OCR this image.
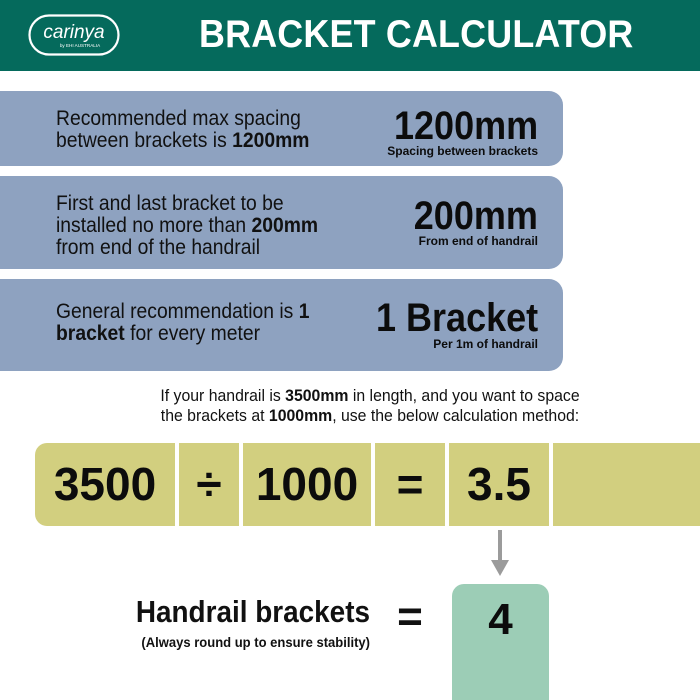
carinya
by EHI AUSTRALIA	BRACKET CALCULATOR
Recommended max spacing
between brackets is 1200mm 1200mm
Spacing between brackets
First and last bracket to be
installed no more than 200mm
from end of the handrail
200mm
From end of handrail
General recommendation is 1
bracket for every meter	1 Bracket
Per 1m of handrail
If your handrail is 3500mm in length, and you want to space
the brackets at 1000mm, use the below calculation method:
3500 ÷ 1000 = 3.5
Handrail brackets
(Always round up to ensure stability)
=	4
